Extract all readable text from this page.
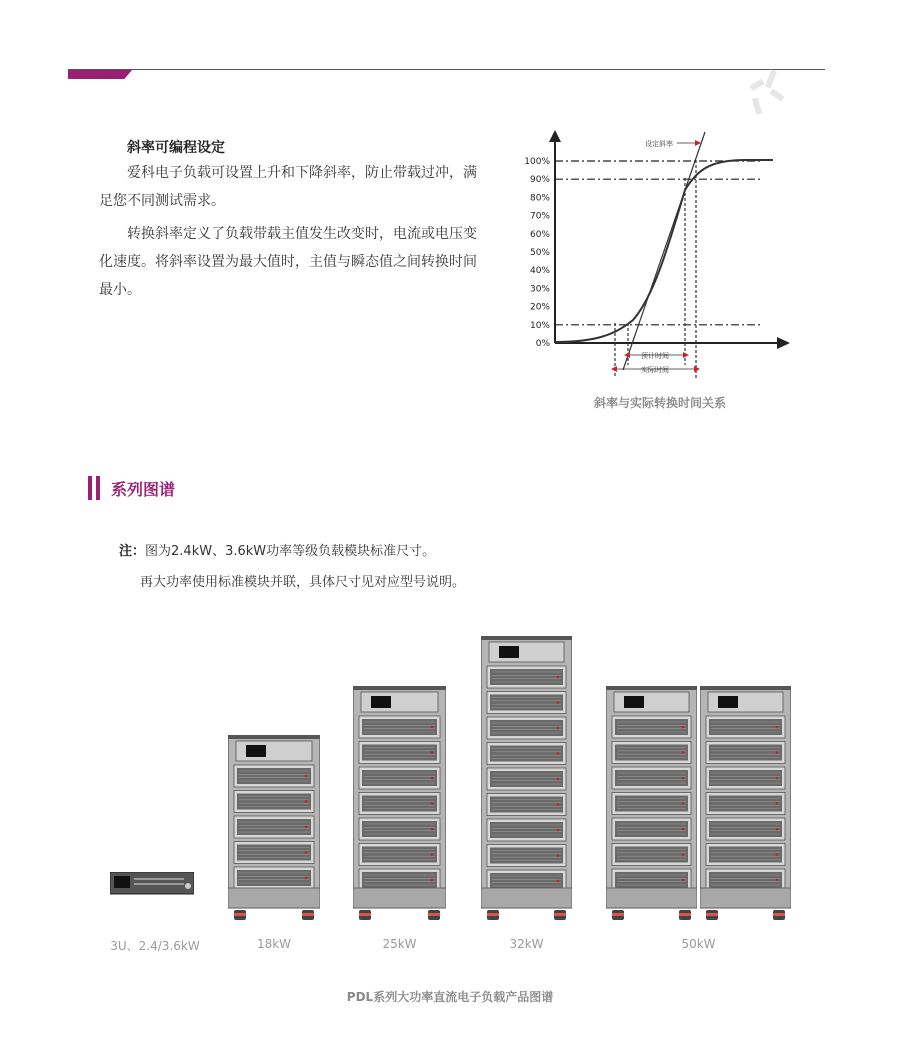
斜率可编程设定
爱科电子负载可设置上升和下降斜率，防止带载过冲，满足您不同测试需求。
转换斜率定义了负载带载主值发生改变时，电流或电压变化速度。将斜率设置为最大值时，主值与瞬态值之间转换时间最小。
100%
90%
80%
70%
60%
50%
40%
30%
20%
10%
0%
设定斜率
预计时间
实际时间
斜率与实际转换时间关系
系列图谱
注：图为2.4kW、3.6kW功率等级负载模块标准尺寸。
再大功率使用标准模块并联，具体尺寸见对应型号说明。
3U、2.4/3.6kW	18kW	25kW	32kW	50kW
PDL系列大功率直流电子负载产品图谱
